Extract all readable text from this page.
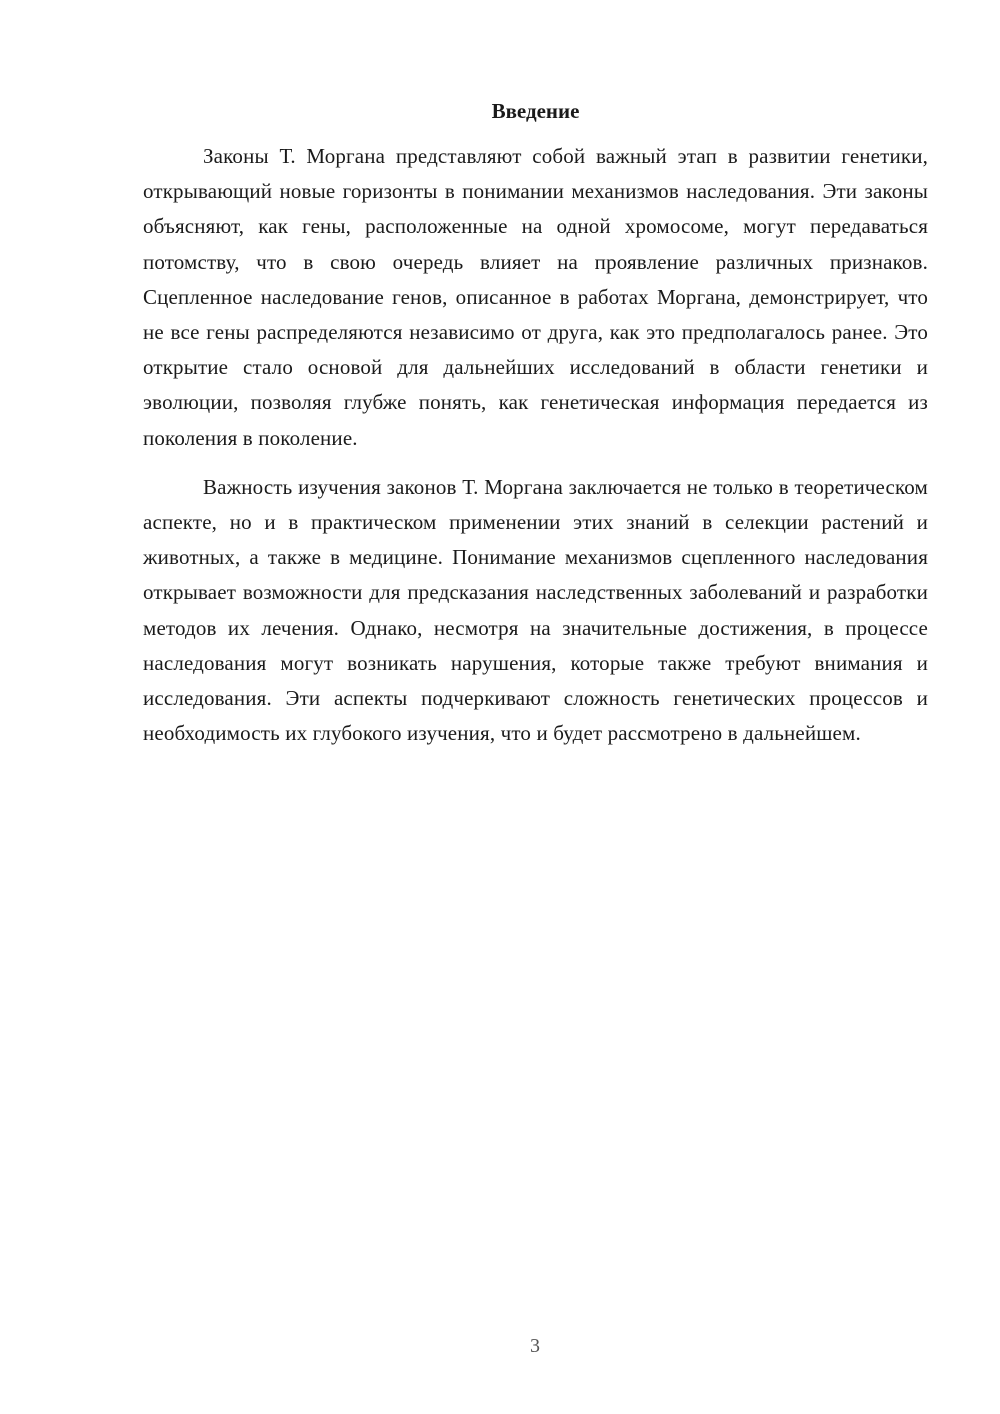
Введение

Законы Т. Моргана представляют собой важный этап в развитии генетики, открывающий новые горизонты в понимании механизмов наследования. Эти законы объясняют, как гены, расположенные на одной хромосоме, могут передаваться потомству, что в свою очередь влияет на проявление различных признаков. Сцепленное наследование генов, описанное в работах Моргана, демонстрирует, что не все гены распределяются независимо от друга, как это предполагалось ранее. Это открытие стало основой для дальнейших исследований в области генетики и эволюции, позволяя глубже понять, как генетическая информация передается из поколения в поколение.

Важность изучения законов Т. Моргана заключается не только в теоретическом аспекте, но и в практическом применении этих знаний в селекции растений и животных, а также в медицине. Понимание механизмов сцепленного наследования открывает возможности для предсказания наследственных заболеваний и разработки методов их лечения. Однако, несмотря на значительные достижения, в процессе наследования могут возникать нарушения, которые также требуют внимания и исследования. Эти аспекты подчеркивают сложность генетических процессов и необходимость их глубокого изучения, что и будет рассмотрено в дальнейшем.

3
